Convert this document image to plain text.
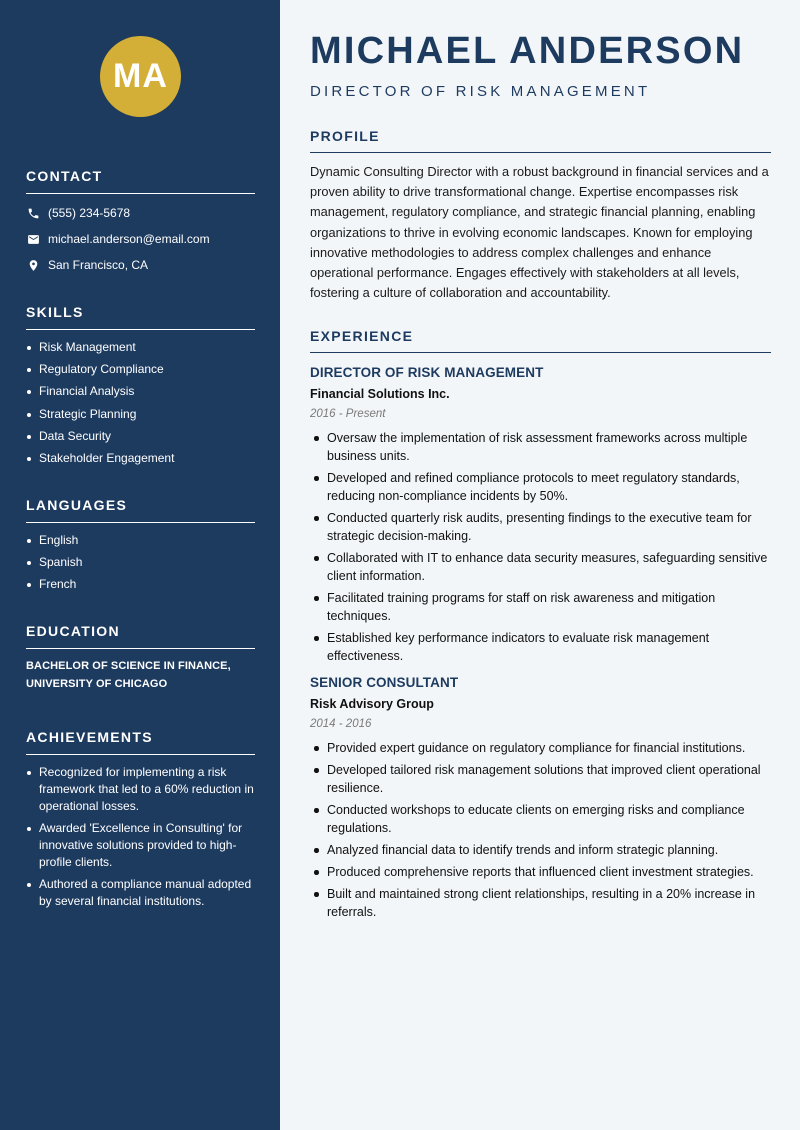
MA
CONTACT
(555) 234-5678
michael.anderson@email.com
San Francisco, CA
SKILLS
Risk Management
Regulatory Compliance
Financial Analysis
Strategic Planning
Data Security
Stakeholder Engagement
LANGUAGES
English
Spanish
French
EDUCATION
BACHELOR OF SCIENCE IN FINANCE, UNIVERSITY OF CHICAGO
ACHIEVEMENTS
Recognized for implementing a risk framework that led to a 60% reduction in operational losses.
Awarded 'Excellence in Consulting' for innovative solutions provided to high-profile clients.
Authored a compliance manual adopted by several financial institutions.
MICHAEL ANDERSON
DIRECTOR OF RISK MANAGEMENT
PROFILE

Dynamic Consulting Director with a robust background in financial services and a proven ability to drive transformational change. Expertise encompasses risk management, regulatory compliance, and strategic financial planning, enabling organizations to thrive in evolving economic landscapes. Known for employing innovative methodologies to address complex challenges and enhance operational performance. Engages effectively with stakeholders at all levels, fostering a culture of collaboration and accountability.

EXPERIENCE
DIRECTOR OF RISK MANAGEMENT
Financial Solutions Inc.
2016 - Present
Oversaw the implementation of risk assessment frameworks across multiple business units.
Developed and refined compliance protocols to meet regulatory standards, reducing non-compliance incidents by 50%.
Conducted quarterly risk audits, presenting findings to the executive team for strategic decision-making.
Collaborated with IT to enhance data security measures, safeguarding sensitive client information.
Facilitated training programs for staff on risk awareness and mitigation techniques.
Established key performance indicators to evaluate risk management effectiveness.
SENIOR CONSULTANT
Risk Advisory Group
2014 - 2016
Provided expert guidance on regulatory compliance for financial institutions.
Developed tailored risk management solutions that improved client operational resilience.
Conducted workshops to educate clients on emerging risks and compliance regulations.
Analyzed financial data to identify trends and inform strategic planning.
Produced comprehensive reports that influenced client investment strategies.
Built and maintained strong client relationships, resulting in a 20% increase in referrals.
